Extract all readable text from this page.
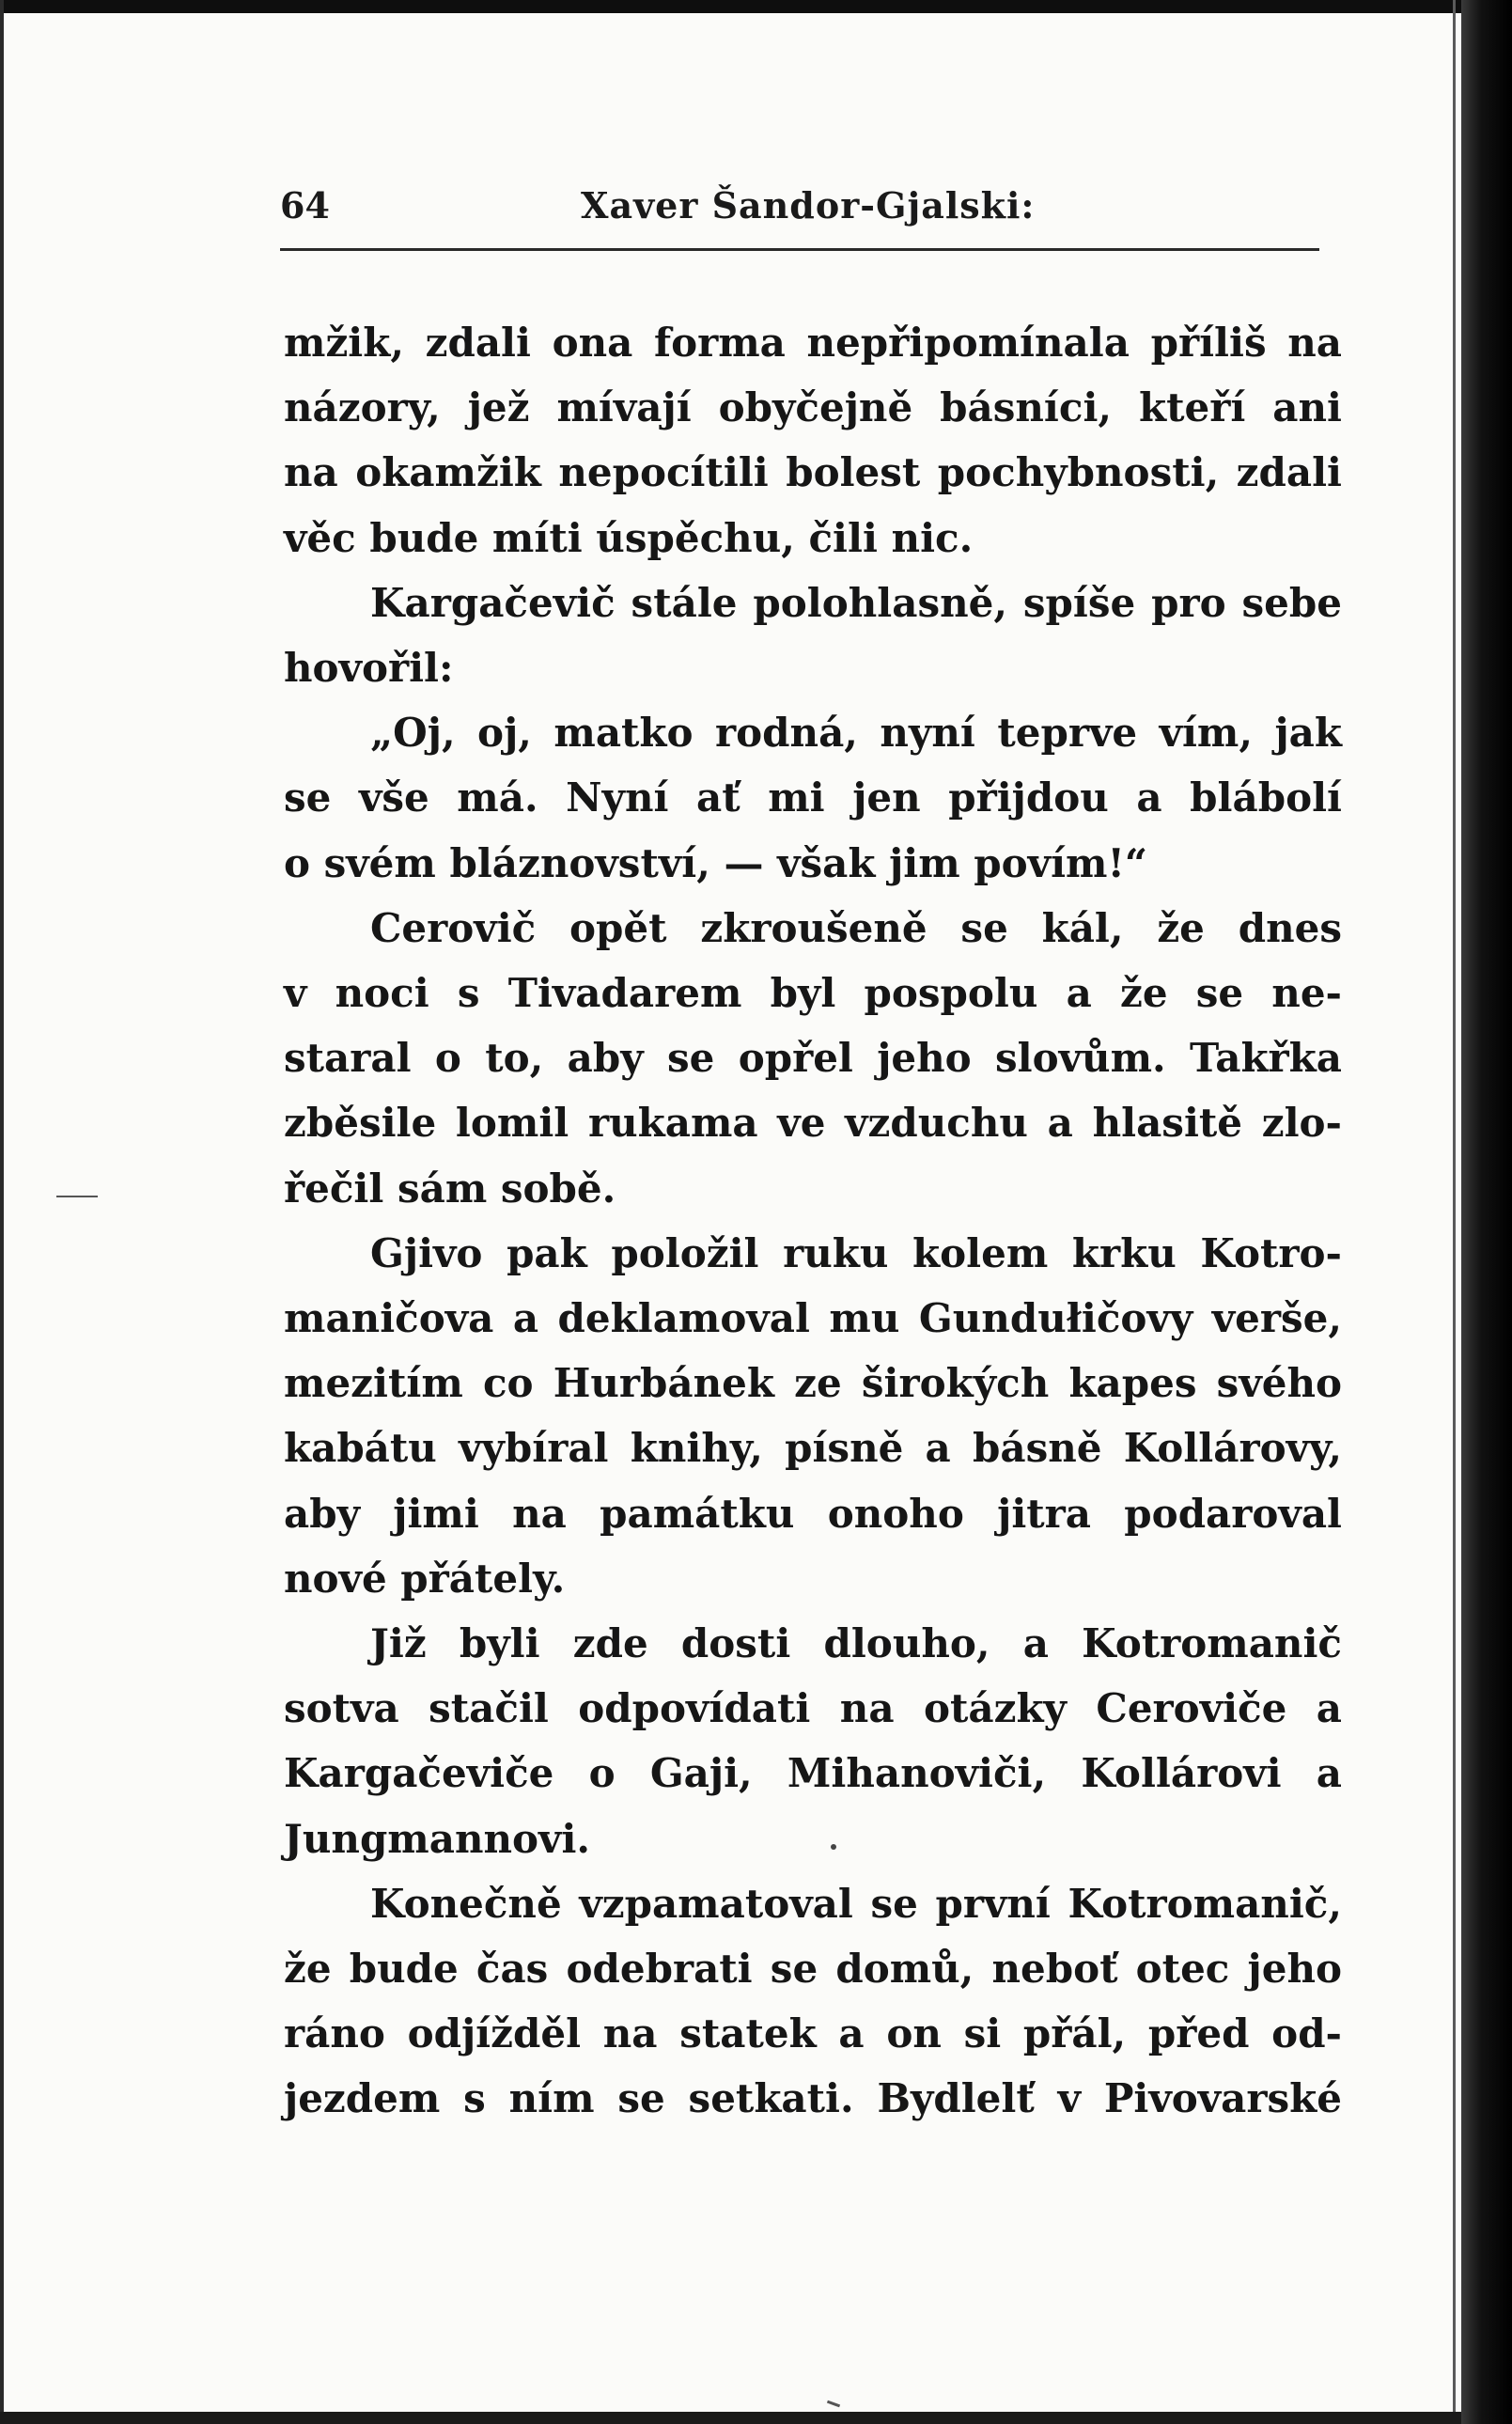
64	Xaver Šandor-Gjalski:

mžik, zdali ona forma nepřipomínala příliš na
názory, jež mívají obyčejně básníci, kteří ani
na okamžik nepocítili bolest pochybnosti, zdali
věc bude míti úspěchu, čili nic.

Kargačevič stále polohlasně, spíše pro sebe
hovořil:

„Oj, oj, matko rodná, nyní teprve vím, jak
se vše má. Nyní ať mi jen přijdou a blábolí
o svém bláznovství, — však jim povím!“

Cerovič opět zkroušeně se kál, že dnes
v noci s Tivadarem byl pospolu a že se ne-
staral o to, aby se opřel jeho slovům. Takřka
zběsile lomil rukama ve vzduchu a hlasitě zlo-
řečil sám sobě.

Gjivo pak položil ruku kolem krku Kotro-
maničova a deklamoval mu Gundułičovy verše,
mezitím co Hurbánek ze širokých kapes svého
kabátu vybíral knihy, písně a básně Kollárovy,
aby jimi na památku onoho jitra podaroval
nové přátely.

Již byli zde dosti dlouho, a Kotromanič
sotva stačil odpovídati na otázky Ceroviče a
Kargačeviče o Gaji, Mihanoviči, Kollárovi a
Jungmannovi.

Konečně vzpamatoval se první Kotromanič,
že bude čas odebrati se domů, neboť otec jeho
ráno odjížděl na statek a on si přál, před od-
jezdem s ním se setkati. Bydlelť v Pivovarské
